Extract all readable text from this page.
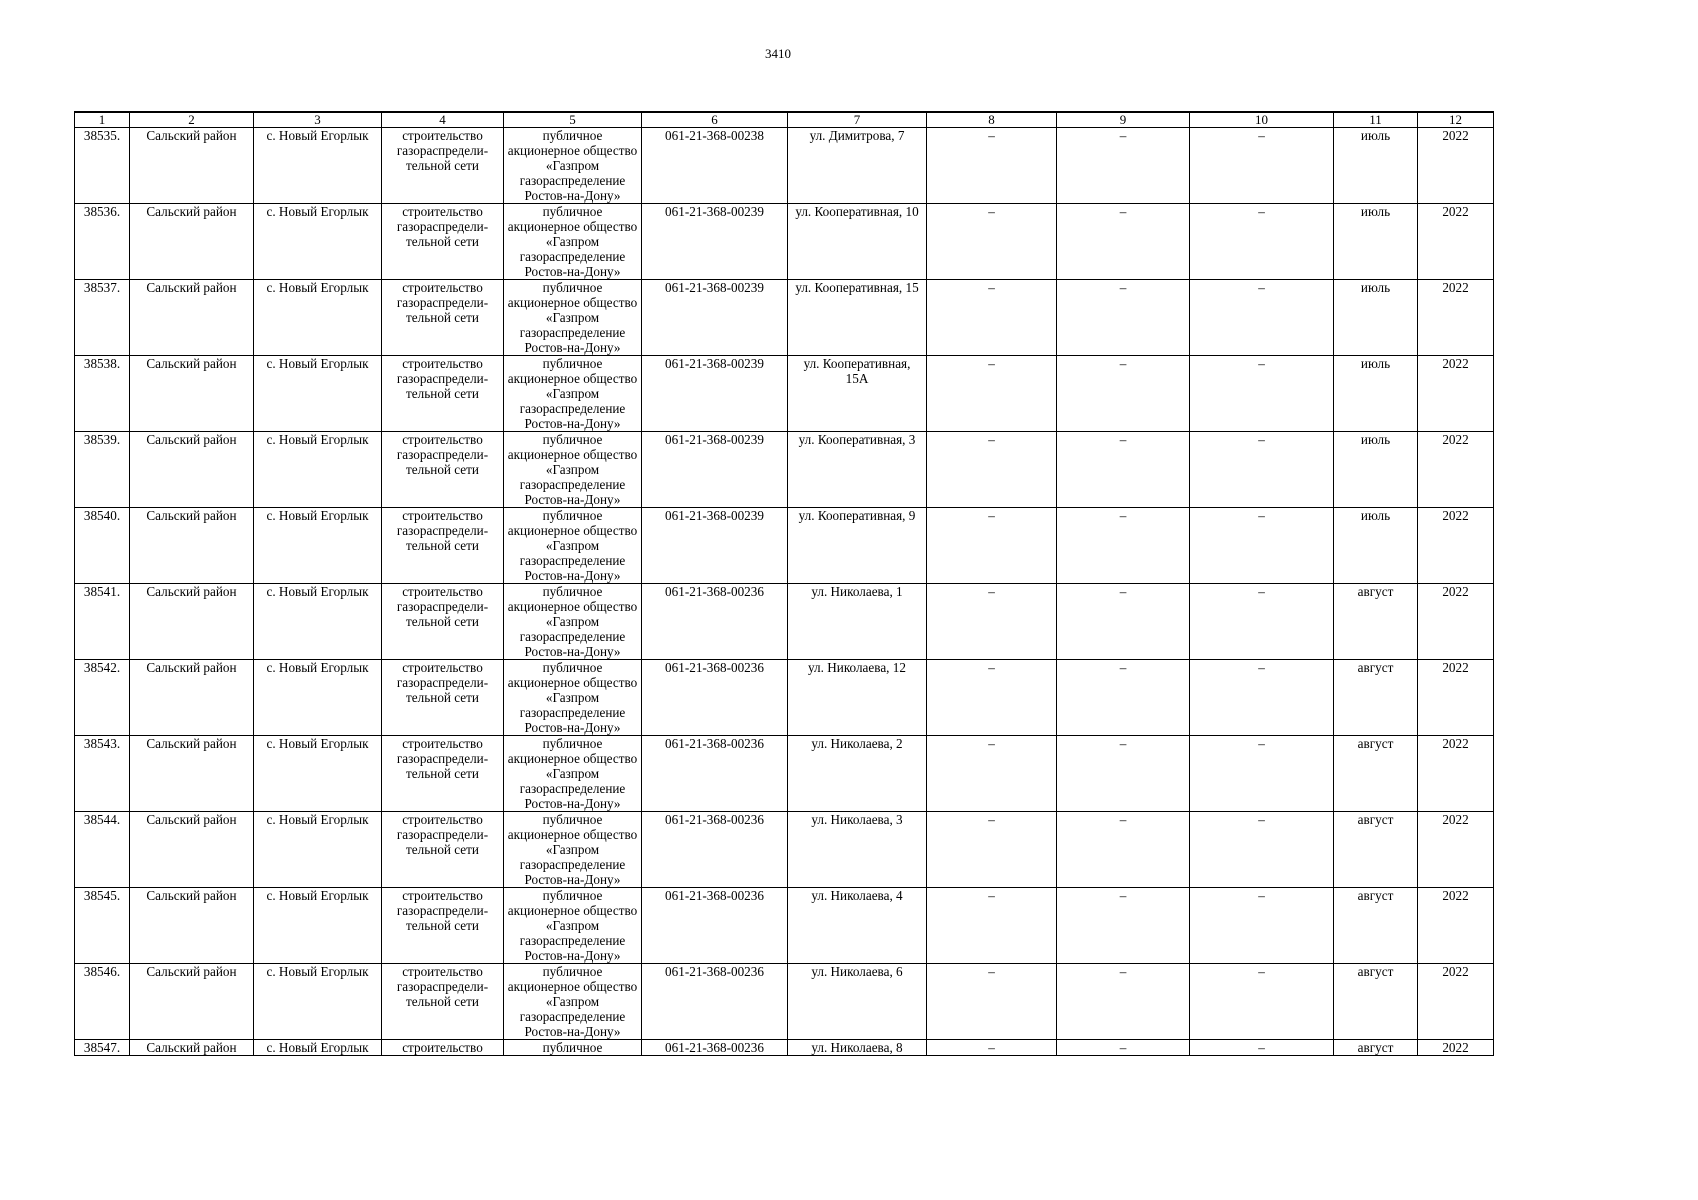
3410
1	2	3	4	5	6	7	8	9	10	11	12
38535.	Сальский район	с. Новый Егорлык	строительство газораспредели-тельной сети	публичное акционерное общество «Газпром газораспределение Ростов-на-Дону»	061-21-368-00238	ул. Димитрова, 7	–	–	–	июль	2022
38536.	Сальский район	с. Новый Егорлык	строительство газораспредели-тельной сети	публичное акционерное общество «Газпром газораспределение Ростов-на-Дону»	061-21-368-00239	ул. Кооперативная, 10	–	–	–	июль	2022
38537.	Сальский район	с. Новый Егорлык	строительство газораспредели-тельной сети	публичное акционерное общество «Газпром газораспределение Ростов-на-Дону»	061-21-368-00239	ул. Кооперативная, 15	–	–	–	июль	2022
38538.	Сальский район	с. Новый Егорлык	строительство газораспредели-тельной сети	публичное акционерное общество «Газпром газораспределение Ростов-на-Дону»	061-21-368-00239	ул. Кооперативная, 15А	–	–	–	июль	2022
38539.	Сальский район	с. Новый Егорлык	строительство газораспредели-тельной сети	публичное акционерное общество «Газпром газораспределение Ростов-на-Дону»	061-21-368-00239	ул. Кооперативная, 3	–	–	–	июль	2022
38540.	Сальский район	с. Новый Егорлык	строительство газораспредели-тельной сети	публичное акционерное общество «Газпром газораспределение Ростов-на-Дону»	061-21-368-00239	ул. Кооперативная, 9	–	–	–	июль	2022
38541.	Сальский район	с. Новый Егорлык	строительство газораспредели-тельной сети	публичное акционерное общество «Газпром газораспределение Ростов-на-Дону»	061-21-368-00236	ул. Николаева, 1	–	–	–	август	2022
38542.	Сальский район	с. Новый Егорлык	строительство газораспредели-тельной сети	публичное акционерное общество «Газпром газораспределение Ростов-на-Дону»	061-21-368-00236	ул. Николаева, 12	–	–	–	август	2022
38543.	Сальский район	с. Новый Егорлык	строительство газораспредели-тельной сети	публичное акционерное общество «Газпром газораспределение Ростов-на-Дону»	061-21-368-00236	ул. Николаева, 2	–	–	–	август	2022
38544.	Сальский район	с. Новый Егорлык	строительство газораспредели-тельной сети	публичное акционерное общество «Газпром газораспределение Ростов-на-Дону»	061-21-368-00236	ул. Николаева, 3	–	–	–	август	2022
38545.	Сальский район	с. Новый Егорлык	строительство газораспредели-тельной сети	публичное акционерное общество «Газпром газораспределение Ростов-на-Дону»	061-21-368-00236	ул. Николаева, 4	–	–	–	август	2022
38546.	Сальский район	с. Новый Егорлык	строительство газораспредели-тельной сети	публичное акционерное общество «Газпром газораспределение Ростов-на-Дону»	061-21-368-00236	ул. Николаева, 6	–	–	–	август	2022
38547.	Сальский район	с. Новый Егорлык	строительство	публичное	061-21-368-00236	ул. Николаева, 8	–	–	–	август	2022
